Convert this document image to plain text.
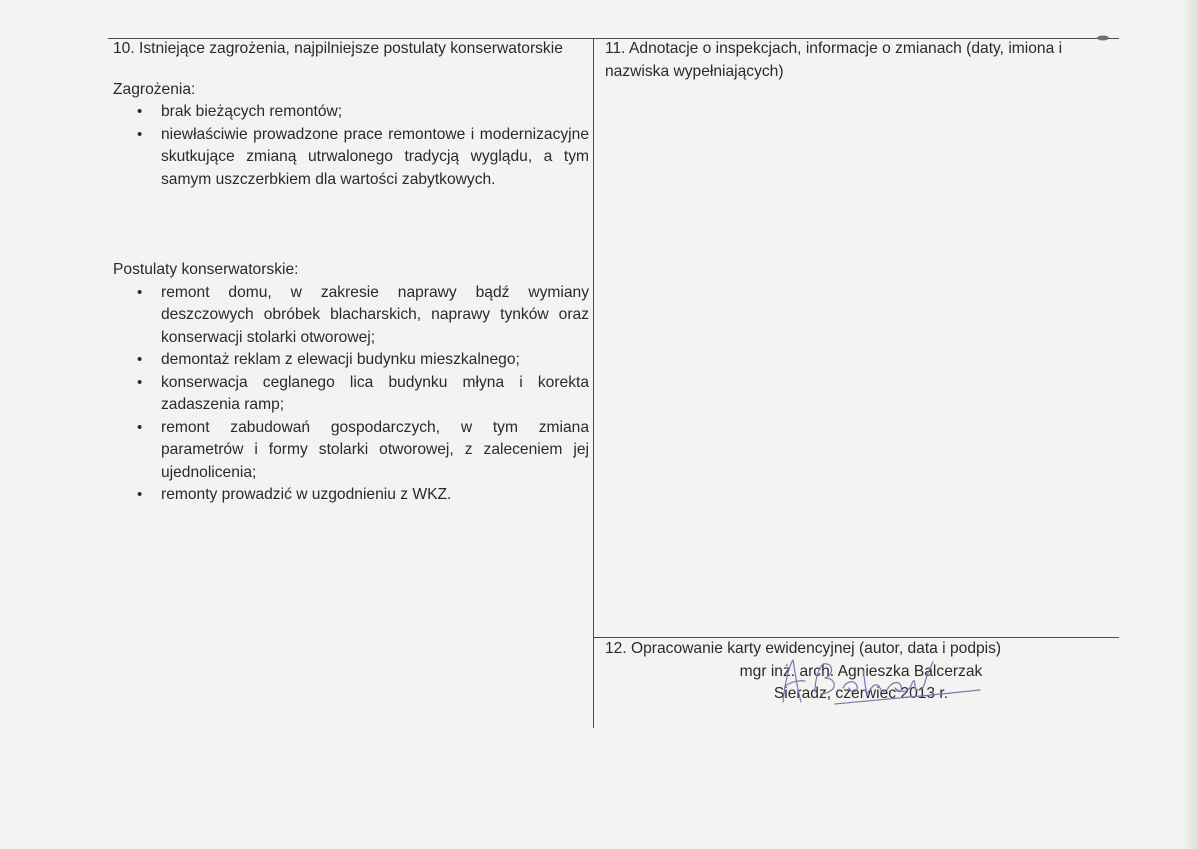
10. Istniejące zagrożenia, najpilniejsze postulaty konserwatorskie

Zagrożenia:

• brak bieżących remontów;
• niewłaściwie prowadzone prace remontowe i modernizacyjne skutkujące zmianą utrwalonego tradycją wyglądu, a tym samym uszczerbkiem dla wartości zabytkowych.

Postulaty konserwatorskie:

• remont domu, w zakresie naprawy bądź wymiany deszczowych obróbek blacharskich, naprawy tynków oraz konserwacji stolarki otworowej;
• demontaż reklam z elewacji budynku mieszkalnego;
• konserwacja ceglanego lica budynku młyna i korekta zadaszenia ramp;
• remont zabudowań gospodarczych, w tym zmiana parametrów i formy stolarki otworowej, z zaleceniem jej ujednolicenia;
• remonty prowadzić w uzgodnieniu z WKZ.

11. Adnotacje o inspekcjach, informacje o zmianach (daty, imiona i nazwiska wypełniających)

12. Opracowanie karty ewidencyjnej (autor, data i podpis)

mgr inż. arch. Agnieszka Balcerzak

Sieradz, czerwiec 2013 r.
